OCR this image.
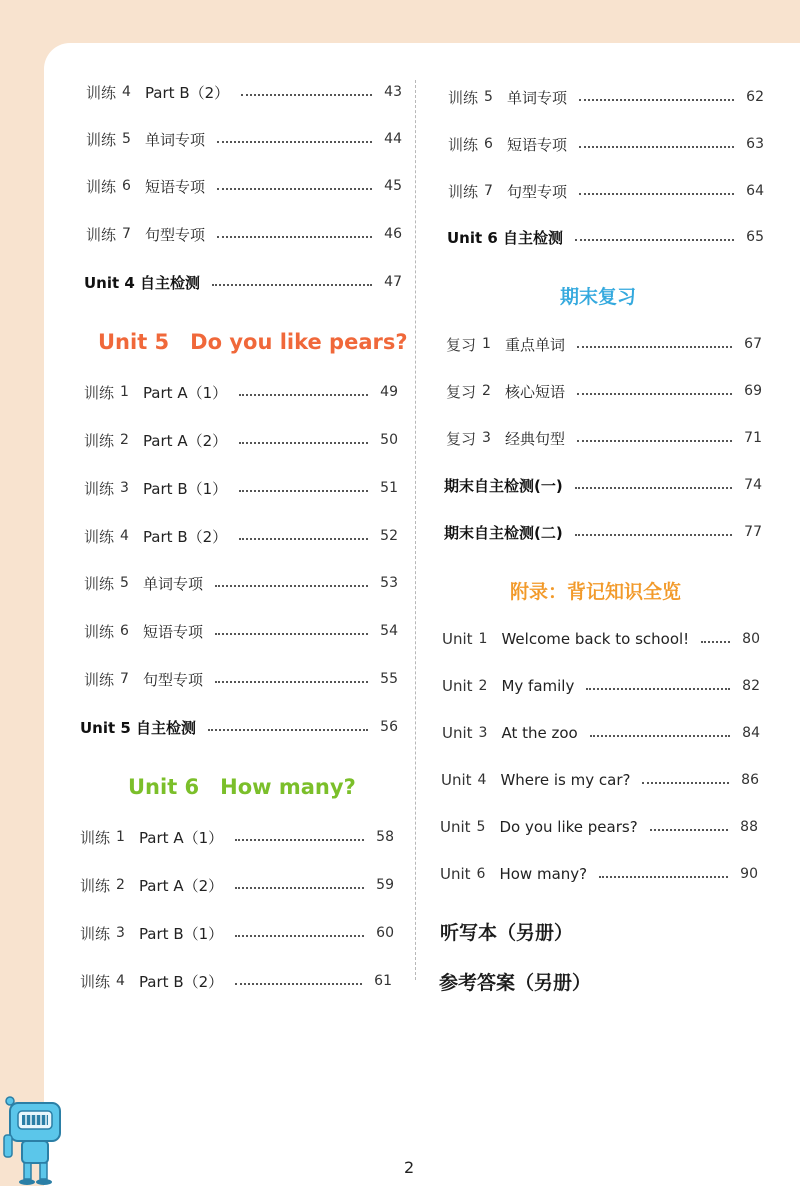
训练 4 Part B（2）	43
训练 5 单词专项	44
训练 6 短语专项	45
训练 7 句型专项	46
Unit 4 自主检测	47
Unit 5　Do you like pears?
训练 1 Part A（1）	49
训练 2 Part A（2）	50
训练 3 Part B（1）	51
训练 4 Part B（2）	52
训练 5 单词专项	53
训练 6 短语专项	54
训练 7 句型专项	55
Unit 5 自主检测	56
Unit 6　How many?
训练 1 Part A（1）	58
训练 2 Part A（2）	59
训练 3 Part B（1）	60
训练 4 Part B（2）	61
训练 5 单词专项	62
训练 6 短语专项	63
训练 7 句型专项	64
Unit 6 自主检测	65
期末复习
复习 1 重点单词	67
复习 2 核心短语	69
复习 3 经典句型	71
期末自主检测(一)	74
期末自主检测(二)	77
附录：背记知识全览
Unit 1 Welcome back to school!	80
Unit 2 My family	82
Unit 3 At the zoo	84
Unit 4 Where is my car?	86
Unit 5 Do you like pears?	88
Unit 6 How many?	90
听写本（另册）
参考答案（另册）
2
